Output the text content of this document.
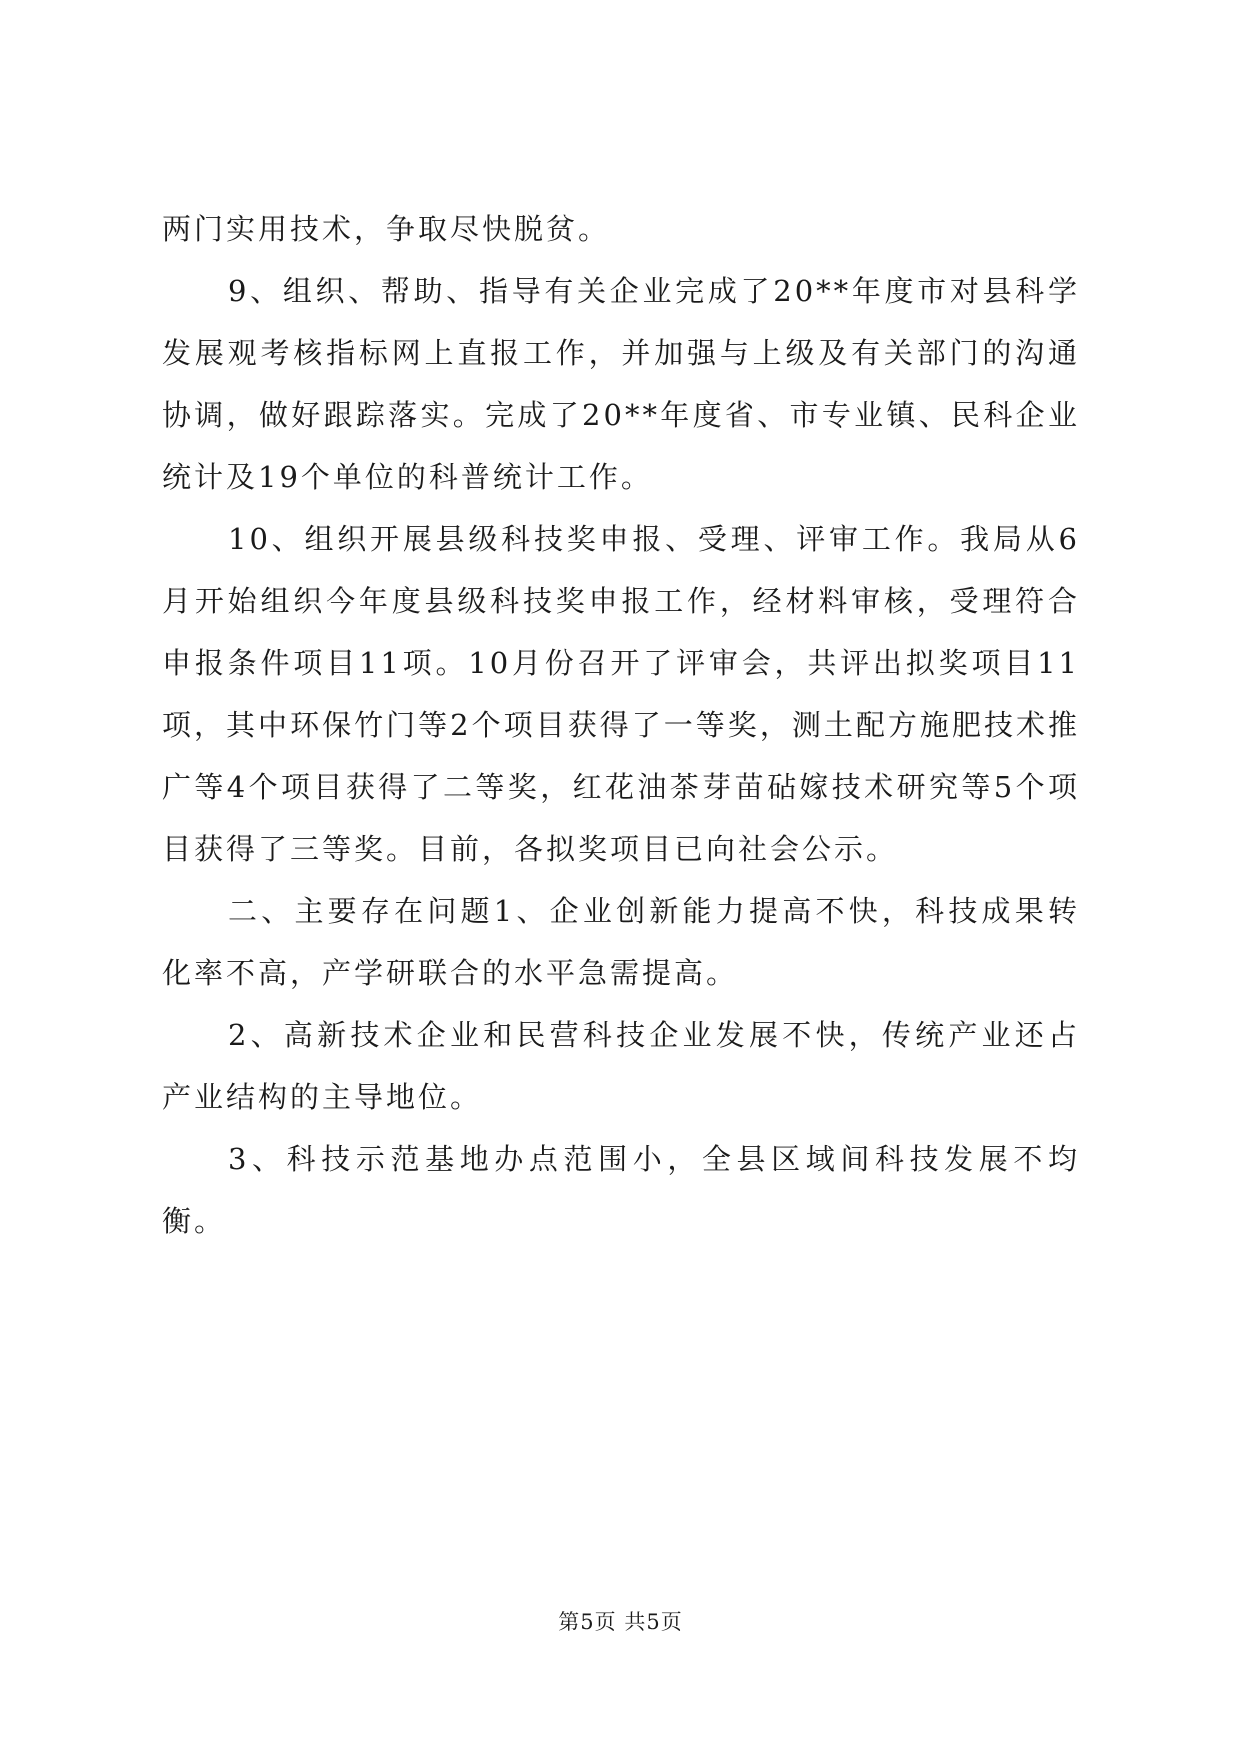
两门实用技术，争取尽快脱贫。

9、组织、帮助、指导有关企业完成了20**年度市对县科学发展观考核指标网上直报工作，并加强与上级及有关部门的沟通协调，做好跟踪落实。完成了20**年度省、市专业镇、民科企业统计及19个单位的科普统计工作。

10、组织开展县级科技奖申报、受理、评审工作。我局从6月开始组织今年度县级科技奖申报工作，经材料审核，受理符合申报条件项目11项。10月份召开了评审会，共评出拟奖项目11项，其中环保竹门等2个项目获得了一等奖，测土配方施肥技术推广等4个项目获得了二等奖，红花油茶芽苗砧嫁技术研究等5个项目获得了三等奖。目前，各拟奖项目已向社会公示。

二、主要存在问题1、企业创新能力提高不快，科技成果转化率不高，产学研联合的水平急需提高。

2、高新技术企业和民营科技企业发展不快，传统产业还占产业结构的主导地位。

3、科技示范基地办点范围小，全县区域间科技发展不均衡。

第5页 共5页
